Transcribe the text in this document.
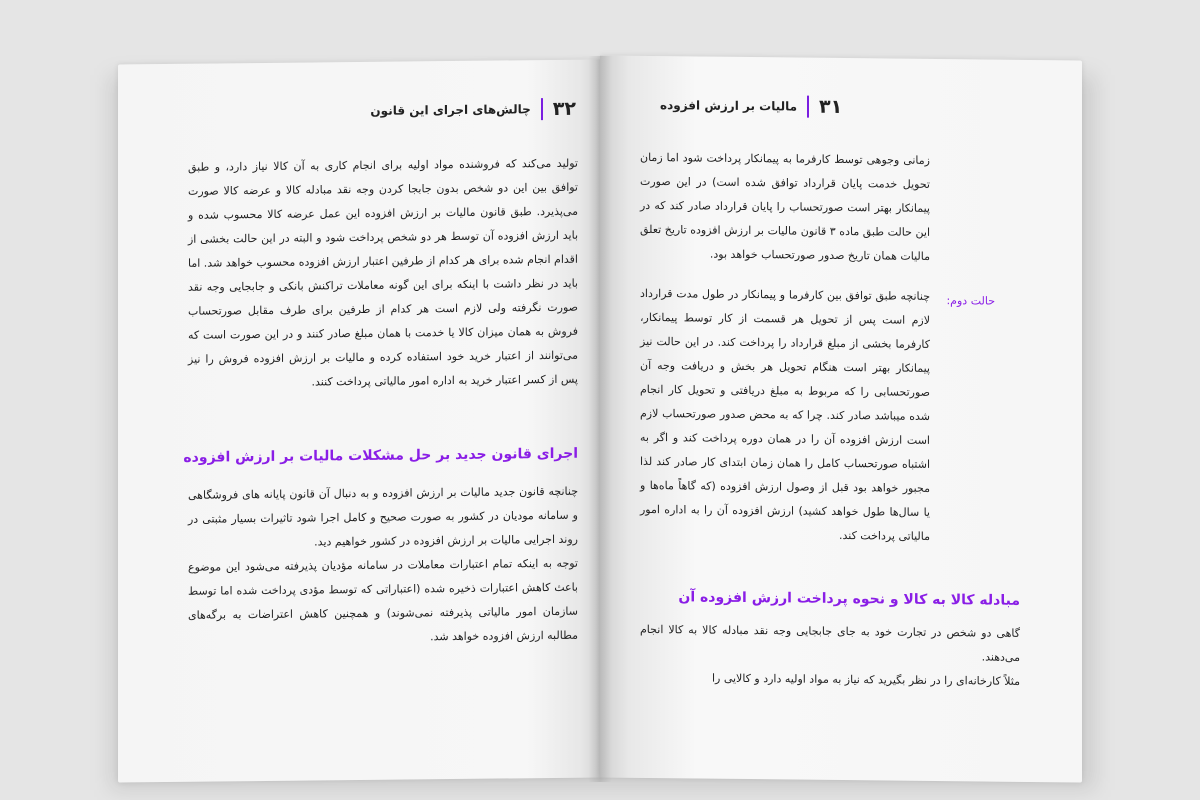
۳۲
چالش‌های اجرای این قانون

تولید می‌کند که فروشنده مواد اولیه برای انجام کاری به آن کالا نیاز دارد، و طبق توافق بین این دو شخص بدون جابجا کردن وجه نقد مبادله کالا و عرضه کالا صورت می‌پذیرد. طبق قانون مالیات بر ارزش افزوده این عمل عرضه کالا محسوب شده و باید ارزش افزوده آن توسط هر دو شخص پرداخت شود و البته در این حالت بخشی از اقدام انجام شده برای هر کدام از طرفین اعتبار ارزش افزوده محسوب خواهد شد. اما باید در نظر داشت با اینکه برای این گونه معاملات تراکنش بانکی و جابجایی وجه نقد صورت نگرفته ولی لازم است هر کدام از طرفین برای طرف مقابل صورتحساب فروش به همان میزان کالا یا خدمت با همان مبلغ صادر کنند و در این صورت است که می‌توانند از اعتبار خرید خود استفاده کرده و مالیات بر ارزش افزوده فروش را نیز پس از کسر اعتبار خرید به اداره امور مالیاتی پرداخت کنند.

اجرای قانون جدید بر حل مشکلات مالیات بر ارزش افزوده

چنانچه قانون جدید مالیات بر ارزش افزوده و به دنبال آن قانون پایانه های فروشگاهی و سامانه مودیان در کشور به صورت صحیح و کامل اجرا شود تاثیرات بسیار مثبتی در روند اجرایی مالیات بر ارزش افزوده در کشور خواهیم دید.

توجه به اینکه تمام اعتبارات معاملات در سامانه مؤدیان پذیرفته می‌شود این موضوع باعث کاهش اعتبارات ذخیره شده (اعتباراتی که توسط مؤدی پرداخت شده اما توسط سازمان امور مالیاتی پذیرفته نمی‌شوند) و همچنین کاهش اعتراضات به برگه‌های مطالبه ارزش افزوده خواهد شد.

۳۱
مالیات بر ارزش افزوده

زمانی وجوهی توسط کارفرما به پیمانکار پرداخت شود اما زمان تحویل خدمت پایان قرارداد توافق شده است) در این صورت پیمانکار بهتر است صورتحساب را پایان قرارداد صادر کند که در این حالت طبق ماده ۳ قانون مالیات بر ارزش افزوده تاریخ تعلق مالیات همان تاریخ صدور صورتحساب خواهد بود.

حالت دوم:

چنانچه طبق توافق بین کارفرما و پیمانکار در طول مدت قرارداد لازم است پس از تحویل هر قسمت از کار توسط پیمانکار، کارفرما بخشی از مبلغ قرارداد را پرداخت کند. در این حالت نیز پیمانکار بهتر است هنگام تحویل هر بخش و دریافت وجه آن صورتحسابی را که مربوط به مبلغ دریافتی و تحویل کار انجام شده میباشد صادر کند. چرا که به محض صدور صورتحساب لازم است ارزش افزوده آن را در همان دوره پرداخت کند و اگر به اشتباه صورتحساب کامل را همان زمان ابتدای کار صادر کند لذا مجبور خواهد بود قبل از وصول ارزش افزوده (که گاهاً ماه‌ها و یا سال‌ها طول خواهد کشید) ارزش افزوده آن را به اداره امور مالیاتی پرداخت کند.

مبادله کالا به کالا و نحوه پرداخت ارزش افزوده آن

گاهی دو شخص در تجارت خود به جای جابجایی وجه نقد مبادله کالا به کالا انجام می‌دهند.

مثلاً کارخانه‌ای را در نظر بگیرید که نیاز به مواد اولیه دارد و کالایی را
